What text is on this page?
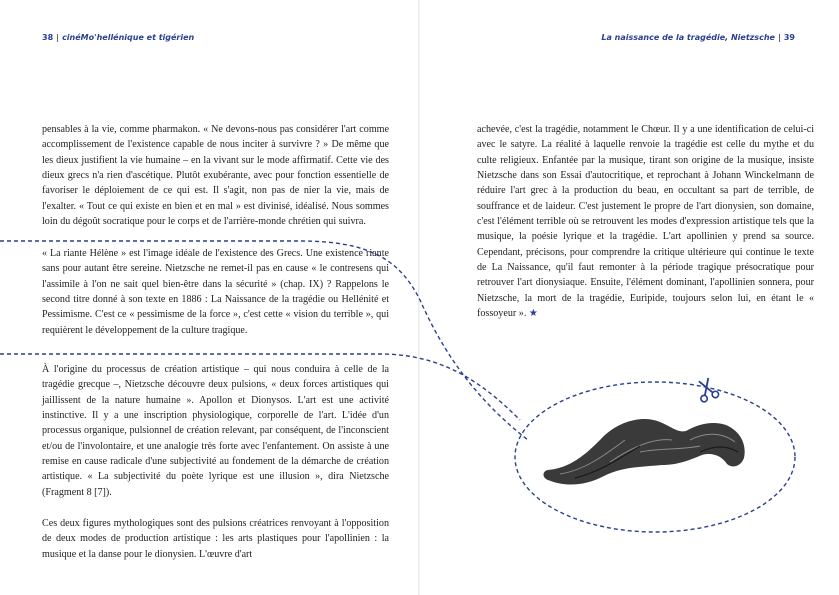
38 | cinéMo'hellénique et tigérien

pensables à la vie, comme pharmakon. « Ne devons-nous pas considérer l'art comme accomplissement de l'existence capable de nous inciter à survivre ? » De même que les dieux justifient la vie humaine – en la vivant sur le mode affirmatif. Cette vie des dieux grecs n'a rien d'ascétique. Plutôt exubérante, avec pour fonction essentielle de favoriser le déploiement de ce qui est. Il s'agit, non pas de nier la vie, mais de l'exalter. « Tout ce qui existe en bien et en mal » est divinisé, idéalisé. Nous sommes loin du dégoût socratique pour le corps et de l'arrière-monde chrétien qui suivra.

« La riante Hélène » est l'image idéale de l'existence des Grecs. Une existence riante sans pour autant être sereine. Nietzsche ne remet-il pas en cause « le contresens qui l'assimile à l'on ne sait quel bien-être dans la sécurité » (chap. IX) ? Rappelons le second titre donné à son texte en 1886 : La Naissance de la tragédie ou Hellénité et Pessimisme. C'est ce « pessimisme de la force », c'est cette « vision du terrible », qui requièrent le développement de la culture tragique.

À l'origine du processus de création artistique – qui nous conduira à celle de la tragédie grecque –, Nietzsche découvre deux pulsions, « deux forces artistiques qui jaillissent de la nature humaine ». Apollon et Dionysos. L'art est une activité instinctive. Il y a une inscription physiologique, corporelle de l'art. L'idée d'un processus organique, pulsionnel de création relevant, par conséquent, de l'inconscient et/ou de l'involontaire, et une analogie très forte avec l'enfantement. On assiste à une remise en cause radicale d'une subjectivité au fondement de la démarche de création artistique. « La subjectivité du poète lyrique est une illusion », dira Nietzsche (Fragment 8 [7]).

Ces deux figures mythologiques sont des pulsions créatrices renvoyant à l'opposition de deux modes de production artistique : les arts plastiques pour l'apollinien : la musique et la danse pour le dionysien. L'œuvre d'art

La naissance de la tragédie, Nietzsche | 39

achevée, c'est la tragédie, notamment le Chœur. Il y a une identification de celui-ci avec le satyre. La réalité à laquelle renvoie la tragédie est celle du mythe et du culte religieux. Enfantée par la musique, tirant son origine de la musique, insiste Nietzsche dans son Essai d'autocritique, et reprochant à Johann Winckelmann de réduire l'art grec à la production du beau, en occultant sa part de terrible, de souffrance et de laideur. C'est justement le propre de l'art dionysien, son domaine, c'est l'élément terrible où se retrouvent les modes d'expression artistique tels que la musique, la poésie lyrique et la tragédie. L'art apollinien y prend sa source. Cependant, précisons, pour comprendre la critique ultérieure qui continue le texte de La Naissance, qu'il faut remonter à la période tragique présocratique pour retrouver l'art dionysiaque. Ensuite, l'élément dominant, l'apollinien sonnera, pour Nietzsche, la mort de la tragédie, Euripide, toujours selon lui, en étant le « fossoyeur ». ★
